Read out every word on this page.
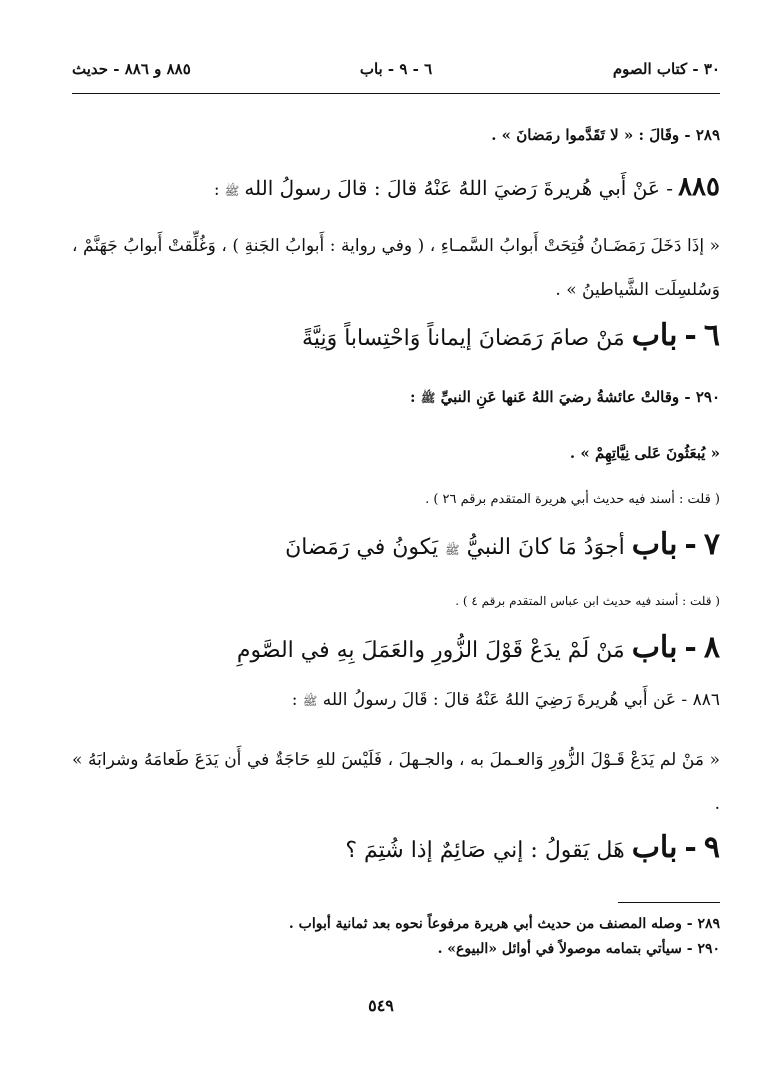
٣٠ - كتاب الصوم
٦ - ٩ - باب
٨٨٥ و ٨٨٦ - حديث
٢٨٩ - وقَالَ : « لا تَقَدَّموا رمَضانَ » .
٨٨٥ - عَنْ أَبي هُريرةَ رَضيَ اللهُ عَنْهُ قالَ : قالَ رسولُ الله ﷺ :
« إذَا دَخَلَ رَمَضَـانُ فُتِحَتْ أَبوابُ السَّمـاءِ ، ( وفي رواية : أَبوابُ الجَنةِ ) ، وَغُلِّقتْ أَبوابُ جَهَنَّمْ ، وَسُلسِلَت الشَّياطينُ » .
٦ - باب مَنْ صامَ رَمَضانَ إيماناً وَاحْتِساباً وَنِيَّةً
٢٩٠ - وقالتْ عائشةُ رضيَ اللهُ عَنها عَنِ النبيِّ ﷺ :
« يُبعَثُونَ عَلى نِيَّاتِهِمْ » .
( قلت : أسند فيه حديث أبي هريرة المتقدم برقم ٢٦ ) .
٧ - باب أجوَدُ مَا كانَ النبيُّ ﷺ يَكونُ في رَمَضانَ
( قلت : أسند فيه حديث ابن عباس المتقدم برقم ٤ ) .
٨ - باب مَنْ لَمْ يدَعْ قَوْلَ الزُّورِ والعَمَلَ بِهِ في الصَّومِ
٨٨٦ - عَن أَبي هُريرةَ رَضِيَ اللهُ عَنْهُ قالَ : قَالَ رسولُ الله ﷺ :
« مَنْ لم يَدَعْ قَـوْلَ الزُّورِ وَالعـملَ به ، والجـهلَ ، فَلَيْسَ للهِ حَاجَةٌ في أَن يَدَعَ طَعامَهُ وشرابَهُ » .
٩ - باب هَل يَقولُ : إني صَائِمٌ إذا شُتِمَ ؟
٢٨٩ - وصله المصنف من حديث أبي هريرة مرفوعاً نحوه بعد ثمانية أبواب .
٢٩٠ - سيأتي بتمامه موصولاً في أوائل «البيوع» .
٥٤٩
